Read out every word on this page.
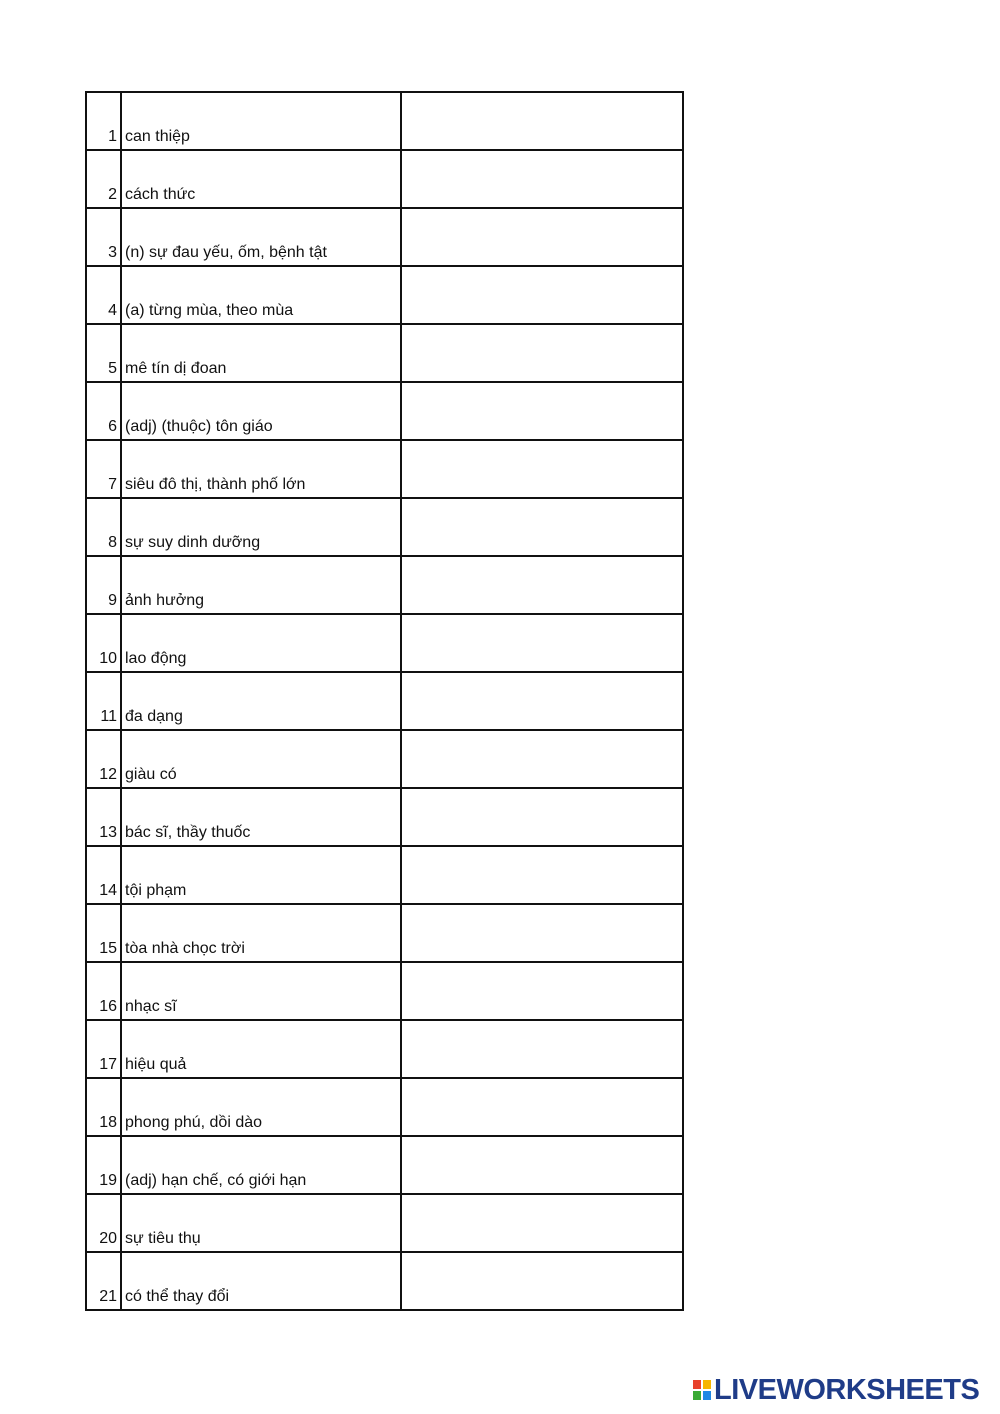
1	can thiệp	
2	cách thức	
3	(n) sự đau yếu, ốm, bệnh tật	
4	(a) từng mùa, theo mùa	
5	mê tín dị đoan	
6	(adj) (thuộc) tôn giáo	
7	siêu đô thị, thành phố lớn	
8	sự suy dinh dưỡng	
9	ảnh hưởng	
10	lao động	
11	đa dạng	
12	giàu có	
13	bác sĩ, thầy thuốc	
14	tội phạm	
15	tòa nhà chọc trời	
16	nhạc sĩ	
17	hiệu quả	
18	phong phú, dồi dào	
19	(adj) hạn chế, có giới hạn	
20	sự tiêu thụ	
21	có thể thay đổi	
LIVEWORKSHEETS
